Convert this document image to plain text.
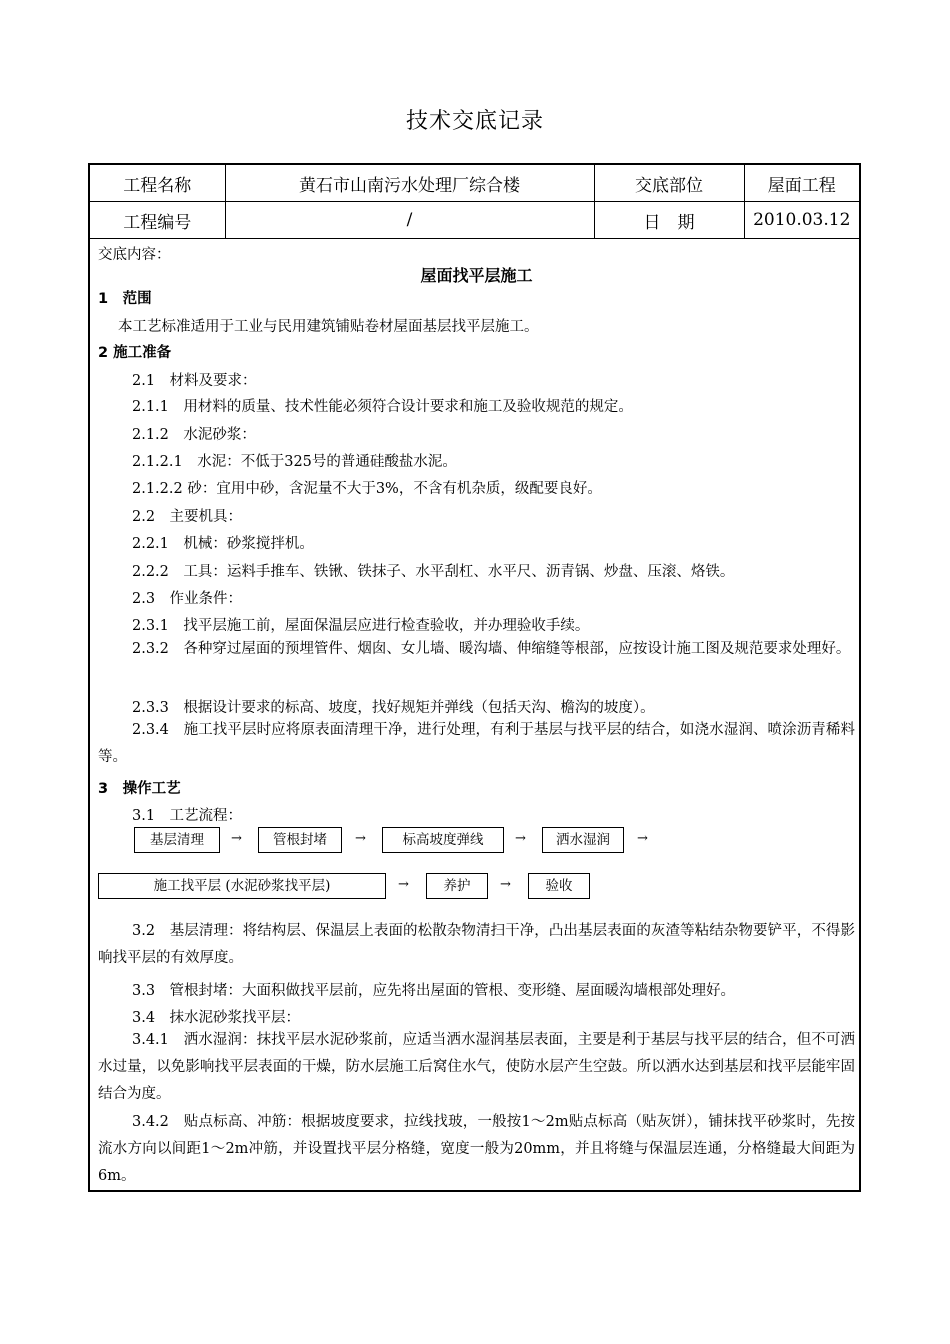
技术交底记录
工程名称	黄石市山南污水处理厂综合楼	交底部位	屋面工程
工程编号	/	日　期	2010.03.12
交底内容：
屋面找平层施工
1　范围
本工艺标准适用于工业与民用建筑铺贴卷材屋面基层找平层施工。
2 施工准备
2.1　材料及要求：
2.1.1　用材料的质量、技术性能必须符合设计要求和施工及验收规范的规定。
2.1.2　水泥砂浆：
2.1.2.1　水泥：不低于325号的普通硅酸盐水泥。
2.1.2.2 砂：宜用中砂，含泥量不大于3%，不含有机杂质，级配要良好。
2.2　主要机具：
2.2.1　机械：砂浆搅拌机。
2.2.2　工具：运料手推车、铁锹、铁抹子、水平刮杠、水平尺、沥青锅、炒盘、压滚、烙铁。
2.3　作业条件：
2.3.1　找平层施工前，屋面保温层应进行检查验收，并办理验收手续。
2.3.2　各种穿过屋面的预埋管件、烟囱、女儿墙、暖沟墙、伸缩缝等根部，应按设计施工图及规范要求处理好。
2.3.3　根据设计要求的标高、坡度，找好规矩并弹线（包括天沟、檐沟的坡度）。
2.3.4　施工找平层时应将原表面清理干净，进行处理，有利于基层与找平层的结合，如浇水湿润、喷涂沥青稀料等。
3　操作工艺
3.1　工艺流程：
基层清理	→	管根封堵	→	标高坡度弹线	→	洒水湿润	→
施工找平层 (水泥砂浆找平层)	→	养护	→	验收
3.2　基层清理：将结构层、保温层上表面的松散杂物清扫干净，凸出基层表面的灰渣等粘结杂物要铲平，不得影响找平层的有效厚度。
3.3　管根封堵：大面积做找平层前，应先将出屋面的管根、变形缝、屋面暖沟墙根部处理好。
3.4　抹水泥砂浆找平层：
3.4.1　洒水湿润：抹找平层水泥砂浆前，应适当洒水湿润基层表面，主要是利于基层与找平层的结合，但不可洒水过量，以免影响找平层表面的干燥，防水层施工后窝住水气，使防水层产生空鼓。所以洒水达到基层和找平层能牢固结合为度。
3.4.2　贴点标高、冲筋：根据坡度要求，拉线找玻，一般按1～2m贴点标高（贴灰饼），铺抹找平砂浆时，先按流水方向以间距1～2m冲筋，并设置找平层分格缝，宽度一般为20mm，并且将缝与保温层连通，分格缝最大间距为6m。
